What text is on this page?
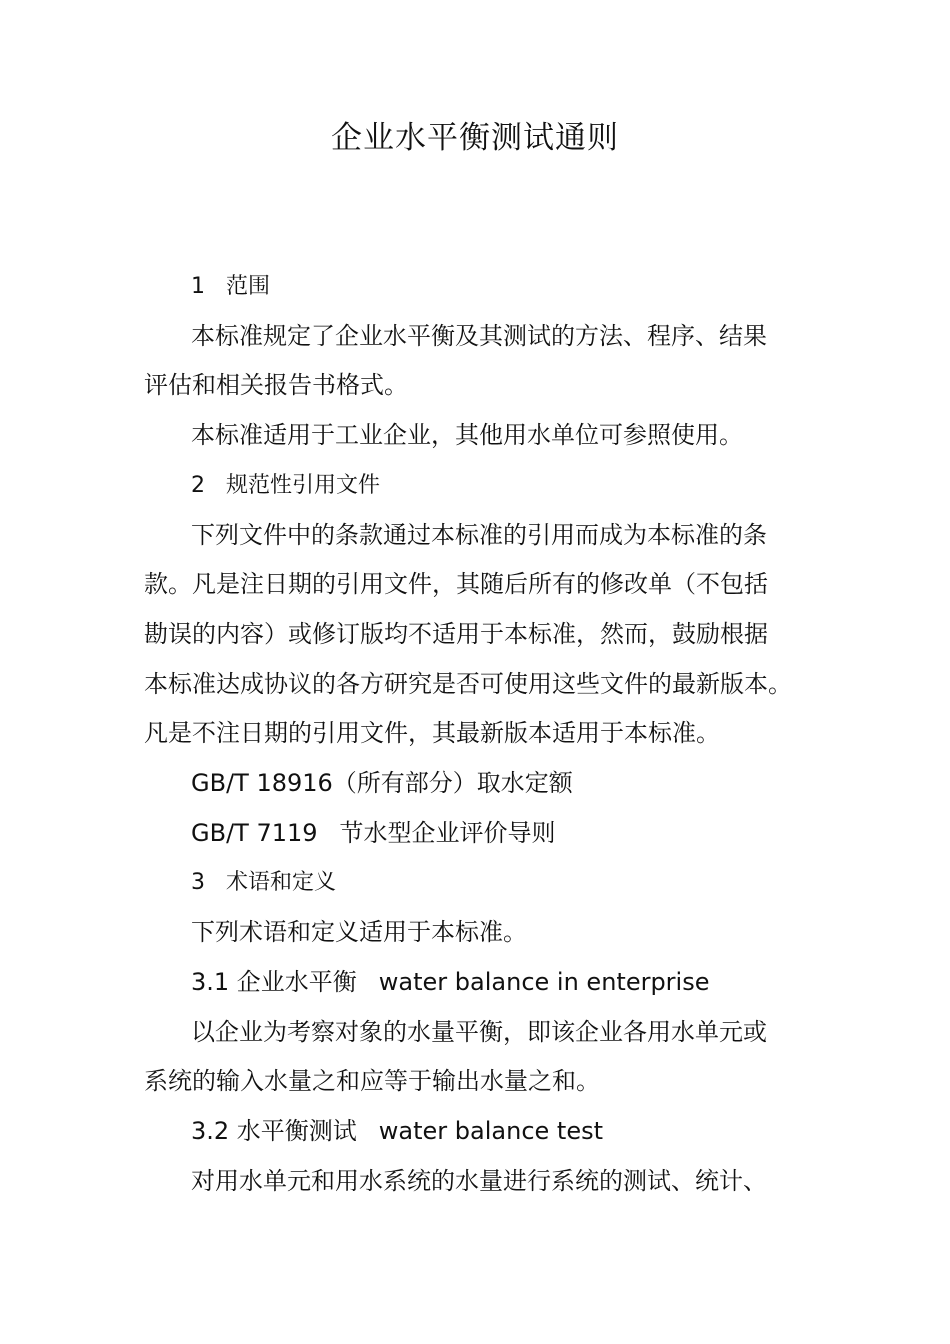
企业水平衡测试通则
1 范围
本标准规定了企业水平衡及其测试的方法、程序、结果
评估和相关报告书格式。
本标准适用于工业企业，其他用水单位可参照使用。
2 规范性引用文件
下列文件中的条款通过本标准的引用而成为本标准的条
款。凡是注日期的引用文件，其随后所有的修改单（不包括
勘误的内容）或修订版均不适用于本标准，然而，鼓励根据
本标准达成协议的各方研究是否可使用这些文件的最新版本。
凡是不注日期的引用文件，其最新版本适用于本标准。
GB/T 18916（所有部分）取水定额
GB/T 7119 节水型企业评价导则
3 术语和定义
下列术语和定义适用于本标准。
3.1 企业水平衡 water balance in enterprise
以企业为考察对象的水量平衡，即该企业各用水单元或
系统的输入水量之和应等于输出水量之和。
3.2 水平衡测试 water balance test
对用水单元和用水系统的水量进行系统的测试、统计、
